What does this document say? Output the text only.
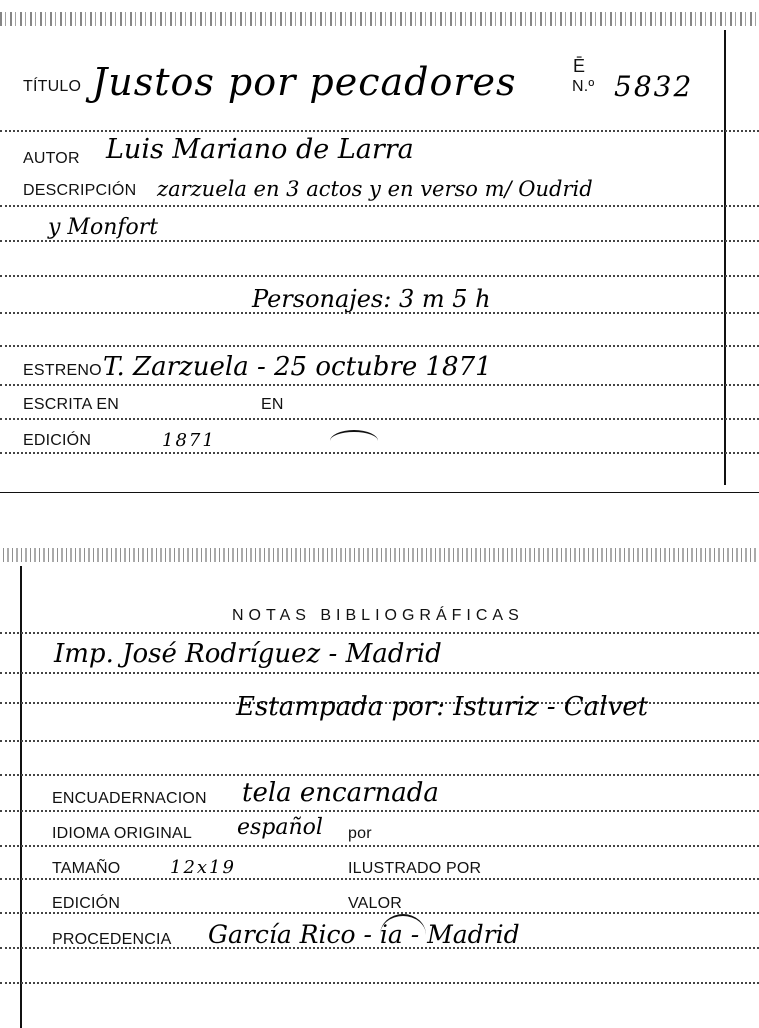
TÍTULO Justos por pecadores	Ē
N.º 5832
AUTOR Luis Mariano de Larra
DESCRIPCIÓN zarzuela en 3 actos y en verso m/ Oudrid
y Monfort
Personajes: 3 m 5 h
ESTRENO T. Zarzuela - 25 octubre 1871
ESCRITA EN	EN
EDICIÓN	1871
NOTAS BIBLIOGRÁFICAS
Imp. José Rodríguez - Madrid
Estampada por: Isturiz - Calvet
ENCUADERNACION tela encarnada
IDIOMA ORIGINAL español por
TAMAÑO	12x19	ILUSTRADO POR
EDICIÓN	VALOR
PROCEDENCIA García Rico - ia - Madrid
